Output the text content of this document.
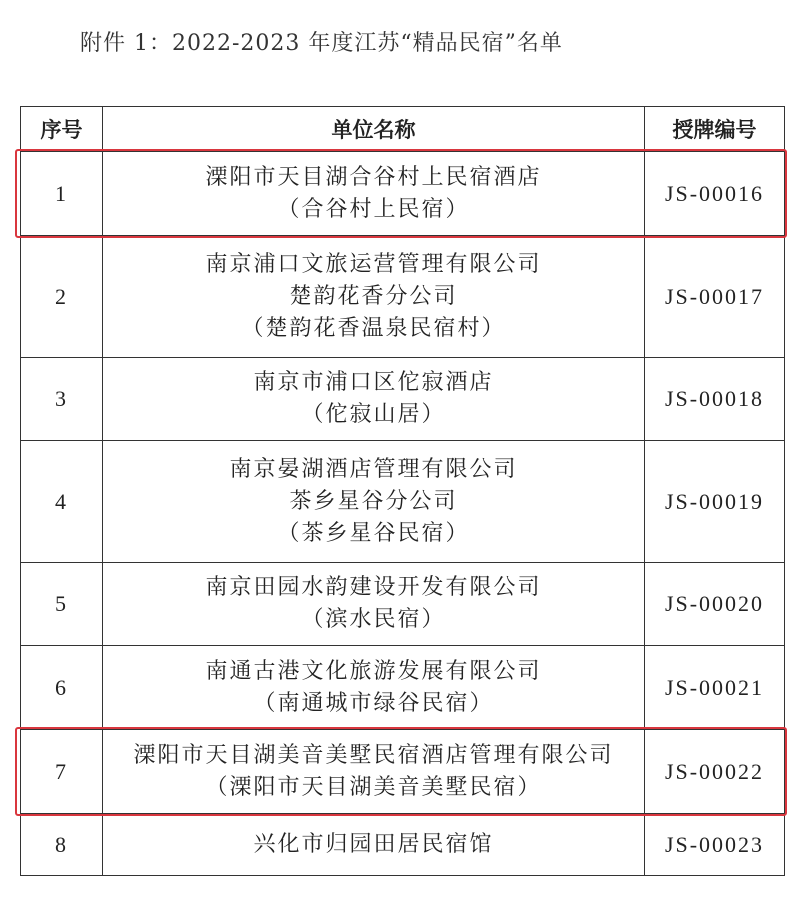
附件 1：2022-2023 年度江苏“精品民宿”名单
序号	单位名称	授牌编号
1	溧阳市天目湖合谷村上民宿酒店
（合谷村上民宿）	JS-00016
2	南京浦口文旅运营管理有限公司
楚韵花香分公司
（楚韵花香温泉民宿村）	JS-00017
3	南京市浦口区佗寂酒店
（佗寂山居）	JS-00018
4	南京晏湖酒店管理有限公司
茶乡星谷分公司
（茶乡星谷民宿）	JS-00019
5	南京田园水韵建设开发有限公司
（滨水民宿）	JS-00020
6	南通古港文化旅游发展有限公司
（南通城市绿谷民宿）	JS-00021
7	溧阳市天目湖美音美墅民宿酒店管理有限公司
（溧阳市天目湖美音美墅民宿）	JS-00022
8	兴化市归园田居民宿馆	JS-00023
